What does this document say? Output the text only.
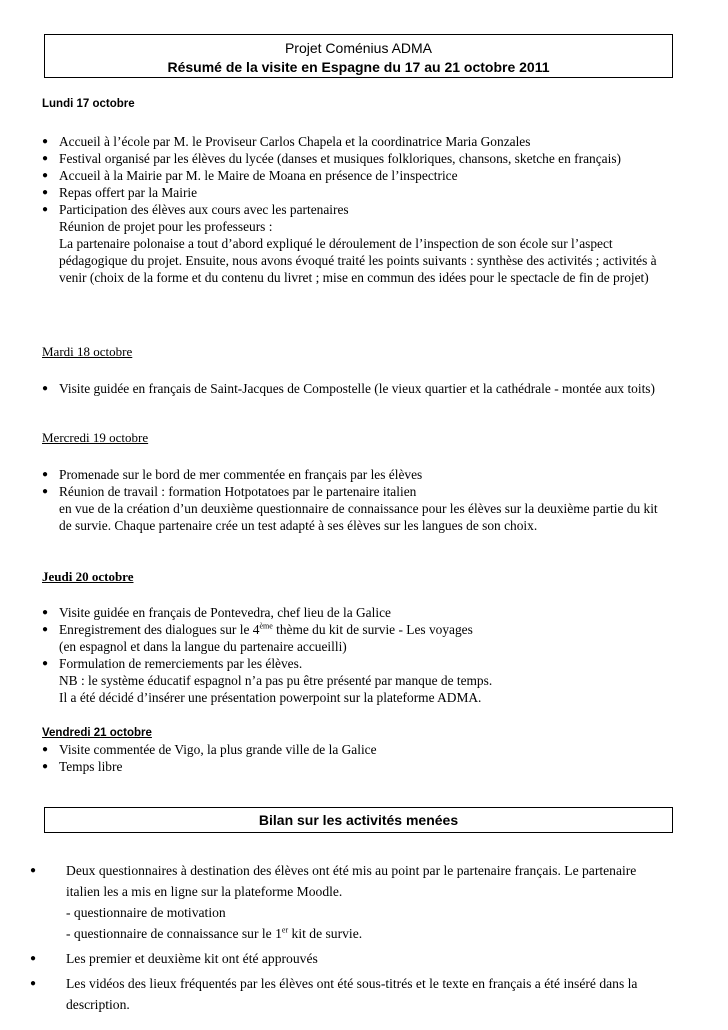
Projet Coménius ADMA
Résumé de la visite en Espagne du 17 au 21 octobre 2011
Lundi 17 octobre
● Accueil à l’école par M. le Proviseur Carlos Chapela et la coordinatrice Maria Gonzales
● Festival organisé par les élèves du lycée (danses et musiques folkloriques, chansons, sketche en français)
● Accueil à la Mairie par M. le Maire de Moana en présence de l’inspectrice
● Repas offert par la Mairie
● Participation des élèves aux cours avec les partenaires
Réunion de projet pour les professeurs :
La partenaire polonaise a tout d’abord expliqué le déroulement de l’inspection de son école sur l’aspect pédagogique du projet. Ensuite, nous avons évoqué traité les points suivants : synthèse des activités ; activités à venir (choix de la forme et du contenu du livret ; mise en commun des idées pour le spectacle de fin de projet)
Mardi 18 octobre
● Visite guidée en français de Saint-Jacques de Compostelle (le vieux quartier et la cathédrale - montée aux toits)
Mercredi 19 octobre
● Promenade sur le bord de mer commentée en français par les élèves
● Réunion de travail : formation Hotpotatoes par le partenaire italien
en vue de la création d’un deuxième questionnaire de connaissance pour les élèves sur la deuxième partie du kit de survie. Chaque partenaire crée un test adapté à ses élèves sur les langues de son choix.
Jeudi 20 octobre
● Visite guidée en français de Pontevedra, chef lieu de la Galice
● Enregistrement des dialogues sur le 4ème thème du kit de survie - Les voyages
(en espagnol et dans la langue du partenaire accueilli)
● Formulation de remerciements par les élèves.
NB : le système éducatif espagnol n’a pas pu être présenté par manque de temps.
Il a été décidé d’insérer une présentation powerpoint sur la plateforme ADMA.
Vendredi 21 octobre
● Visite commentée de Vigo, la plus grande ville de la Galice
● Temps libre
Bilan sur les activités menées
● Deux questionnaires à destination des élèves ont été mis au point par le partenaire français. Le partenaire italien les a mis en ligne sur la plateforme Moodle.
- questionnaire de motivation
- questionnaire de connaissance sur le 1er kit de survie.
● Les premier et deuxième kit ont été approuvés
● Les vidéos des lieux fréquentés par les élèves ont été sous-titrés et le texte en français a été inséré dans la description.
